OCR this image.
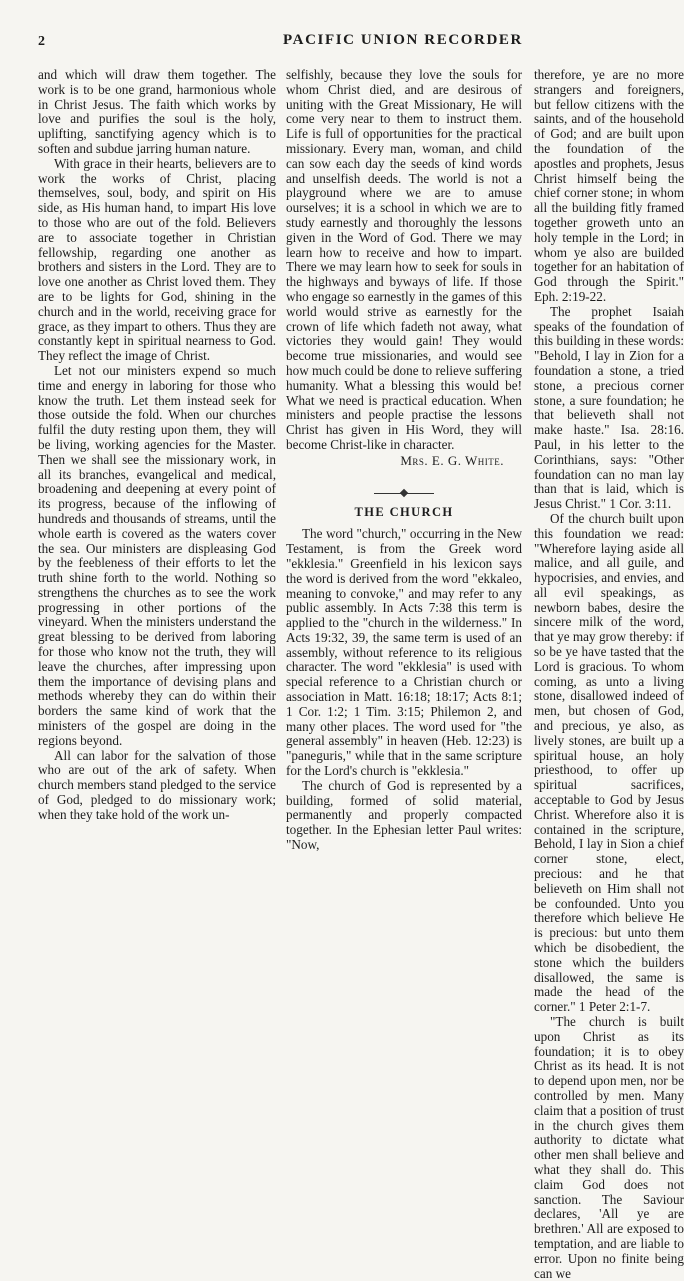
2	PACIFIC UNION RECORDER

and which will draw them together. The work is to be one grand, harmonious whole in Christ Jesus. The faith which works by love and purifies the soul is the holy, uplifting, sanctifying agency which is to soften and subdue jarring human nature.

With grace in their hearts, believers are to work the works of Christ, placing themselves, soul, body, and spirit on His side, as His human hand, to impart His love to those who are out of the fold. Believers are to associate together in Christian fellowship, regarding one another as brothers and sisters in the Lord. They are to love one another as Christ loved them. They are to be lights for God, shining in the church and in the world, receiving grace for grace, as they impart to others. Thus they are constantly kept in spiritual nearness to God. They reflect the image of Christ.

Let not our ministers expend so much time and energy in laboring for those who know the truth. Let them instead seek for those outside the fold. When our churches fulfil the duty resting upon them, they will be living, working agencies for the Master. Then we shall see the missionary work, in all its branches, evangelical and medical, broadening and deepening at every point of its progress, because of the inflowing of hundreds and thousands of streams, until the whole earth is covered as the waters cover the sea. Our ministers are displeasing God by the feebleness of their efforts to let the truth shine forth to the world. Nothing so strengthens the churches as to see the work progressing in other portions of the vineyard. When the ministers understand the great blessing to be derived from laboring for those who know not the truth, they will leave the churches, after impressing upon them the importance of devising plans and methods whereby they can do within their borders the same kind of work that the ministers of the gospel are doing in the regions beyond.

All can labor for the salvation of those who are out of the ark of safety. When church members stand pledged to the service of God, pledged to do missionary work; when they take hold of the work un-

selfishly, because they love the souls for whom Christ died, and are desirous of uniting with the Great Missionary, He will come very near to them to instruct them. Life is full of opportunities for the practical missionary. Every man, woman, and child can sow each day the seeds of kind words and unselfish deeds. The world is not a playground where we are to amuse ourselves; it is a school in which we are to study earnestly and thoroughly the lessons given in the Word of God. There we may learn how to receive and how to impart. There we may learn how to seek for souls in the highways and byways of life. If those who engage so earnestly in the games of this world would strive as earnestly for the crown of life which fadeth not away, what victories they would gain! They would become true missionaries, and would see how much could be done to relieve suffering humanity. What a blessing this would be! What we need is practical education. When ministers and people practise the lessons Christ has given in His Word, they will become Christ-like in character.

Mrs. E. G. White.
THE CHURCH

The word "church," occurring in the New Testament, is from the Greek word "ekklesia." Greenfield in his lexicon says the word is derived from the word "ekkaleo, meaning to convoke," and may refer to any public assembly. In Acts 7:38 this term is applied to the "church in the wilderness." In Acts 19:32, 39, the same term is used of an assembly, without reference to its religious character. The word "ekklesia" is used with special reference to a Christian church or association in Matt. 16:18; 18:17; Acts 8:1; 1 Cor. 1:2; 1 Tim. 3:15; Philemon 2, and many other places. The word used for "the general assembly" in heaven (Heb. 12:23) is "paneguris," while that in the same scripture for the Lord's church is "ekklesia."

The church of God is represented by a building, formed of solid material, permanently and properly compacted together. In the Ephesian letter Paul writes: "Now,

therefore, ye are no more strangers and foreigners, but fellow citizens with the saints, and of the household of God; and are built upon the foundation of the apostles and prophets, Jesus Christ himself being the chief corner stone; in whom all the building fitly framed together groweth unto an holy temple in the Lord; in whom ye also are builded together for an habitation of God through the Spirit." Eph. 2:19-22.

The prophet Isaiah speaks of the foundation of this building in these words: "Behold, I lay in Zion for a foundation a stone, a tried stone, a precious corner stone, a sure foundation; he that believeth shall not make haste." Isa. 28:16. Paul, in his letter to the Corinthians, says: "Other foundation can no man lay than that is laid, which is Jesus Christ." 1 Cor. 3:11.

Of the church built upon this foundation we read: "Wherefore laying aside all malice, and all guile, and hypocrisies, and envies, and all evil speakings, as newborn babes, desire the sincere milk of the word, that ye may grow thereby: if so be ye have tasted that the Lord is gracious. To whom coming, as unto a living stone, disallowed indeed of men, but chosen of God, and precious, ye also, as lively stones, are built up a spiritual house, an holy priesthood, to offer up spiritual sacrifices, acceptable to God by Jesus Christ. Wherefore also it is contained in the scripture, Behold, I lay in Sion a chief corner stone, elect, precious: and he that believeth on Him shall not be confounded. Unto you therefore which believe He is precious: but unto them which be disobedient, the stone which the builders disallowed, the same is made the head of the corner." 1 Peter 2:1-7.

"The church is built upon Christ as its foundation; it is to obey Christ as its head. It is not to depend upon men, nor be controlled by men. Many claim that a position of trust in the church gives them authority to dictate what other men shall believe and what they shall do. This claim God does not sanction. The Saviour declares, 'All ye are brethren.' All are exposed to temptation, and are liable to error. Upon no finite being can we
